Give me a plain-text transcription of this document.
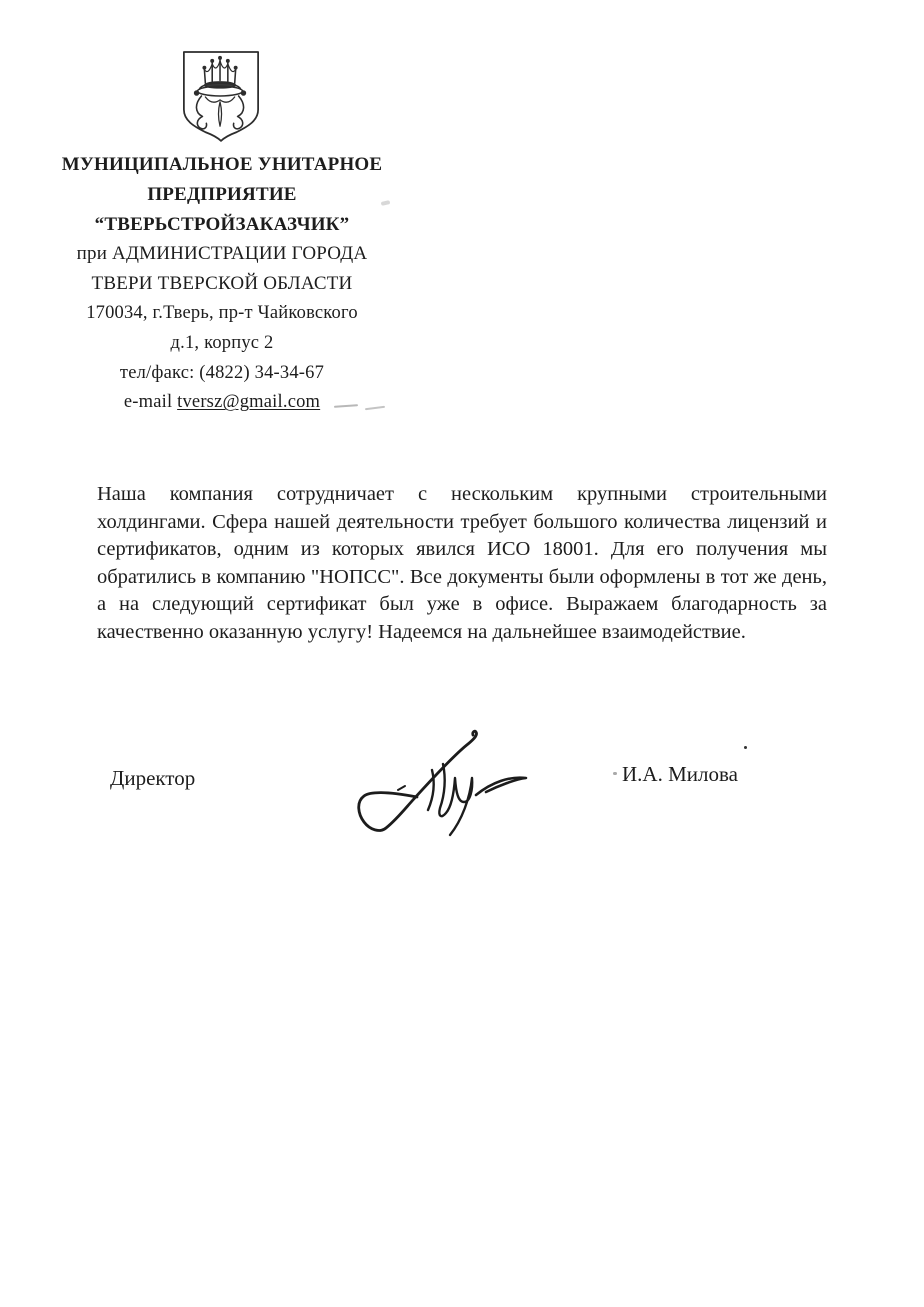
МУНИЦИПАЛЬНОЕ УНИТАРНОЕ
ПРЕДПРИЯТИЕ
“ТВЕРЬСТРОЙЗАКАЗЧИК”
при АДМИНИСТРАЦИИ ГОРОДА
ТВЕРИ ТВЕРСКОЙ ОБЛАСТИ
170034, г.Тверь, пр-т Чайковского
д.1, корпус 2
тел/факс: (4822) 34-34-67
e-mail tversz@gmail.com
Наша компания сотрудничает с нескольким крупными строительными холдингами. Сфера нашей деятельности требует большого количества лицензий и сертификатов, одним из которых явился ИСО 18001. Для его получения мы обратились в компанию "НОПСС". Все документы были оформлены в тот же день, а на следующий сертификат был уже в офисе. Выражаем благодарность за качественно оказанную услугу! Надеемся на дальнейшее взаимодействие.
Директор	И.А. Милова
